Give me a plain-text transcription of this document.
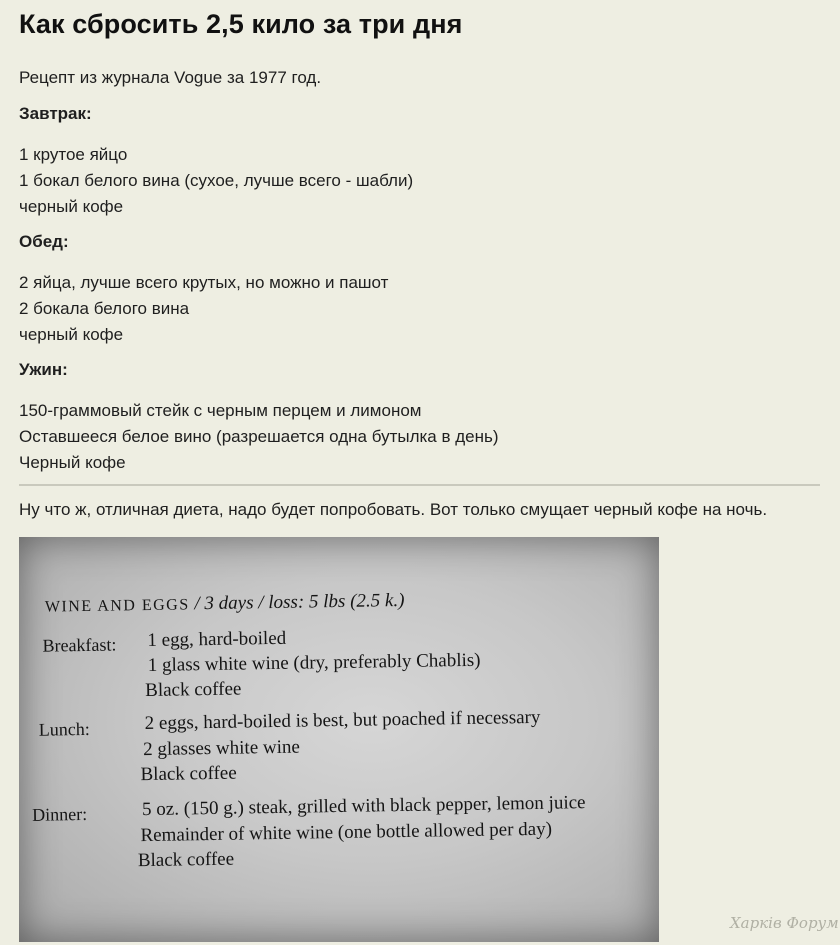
Как сбросить 2,5 кило за три дня
Рецепт из журнала Vogue за 1977 год.
Завтрак:
1 крутое яйцо
1 бокал белого вина (сухое, лучше всего - шабли)
черный кофе
Обед:
2 яйца, лучше всего крутых, но можно и пашот
2 бокала белого вина
черный кофе
Ужин:
150-граммовый стейк с черным перцем и лимоном
Оставшееся белое вино (разрешается одна бутылка в день)
Черный кофе
Ну что ж, отличная диета, надо будет попробовать. Вот только смущает черный кофе на ночь.
WINE AND EGGS / 3 days / loss: 5 lbs (2.5 k.)
Breakfast: 1 egg, hard-boiled
1 glass white wine (dry, preferably Chablis)
Black coffee
Lunch:	2 eggs, hard-boiled is best, but poached if necessary
2 glasses white wine
Black coffee
Dinner:	5 oz. (150 g.) steak, grilled with black pepper, lemon juice
Remainder of white wine (one bottle allowed per day)
Black coffee
Харків Форум
